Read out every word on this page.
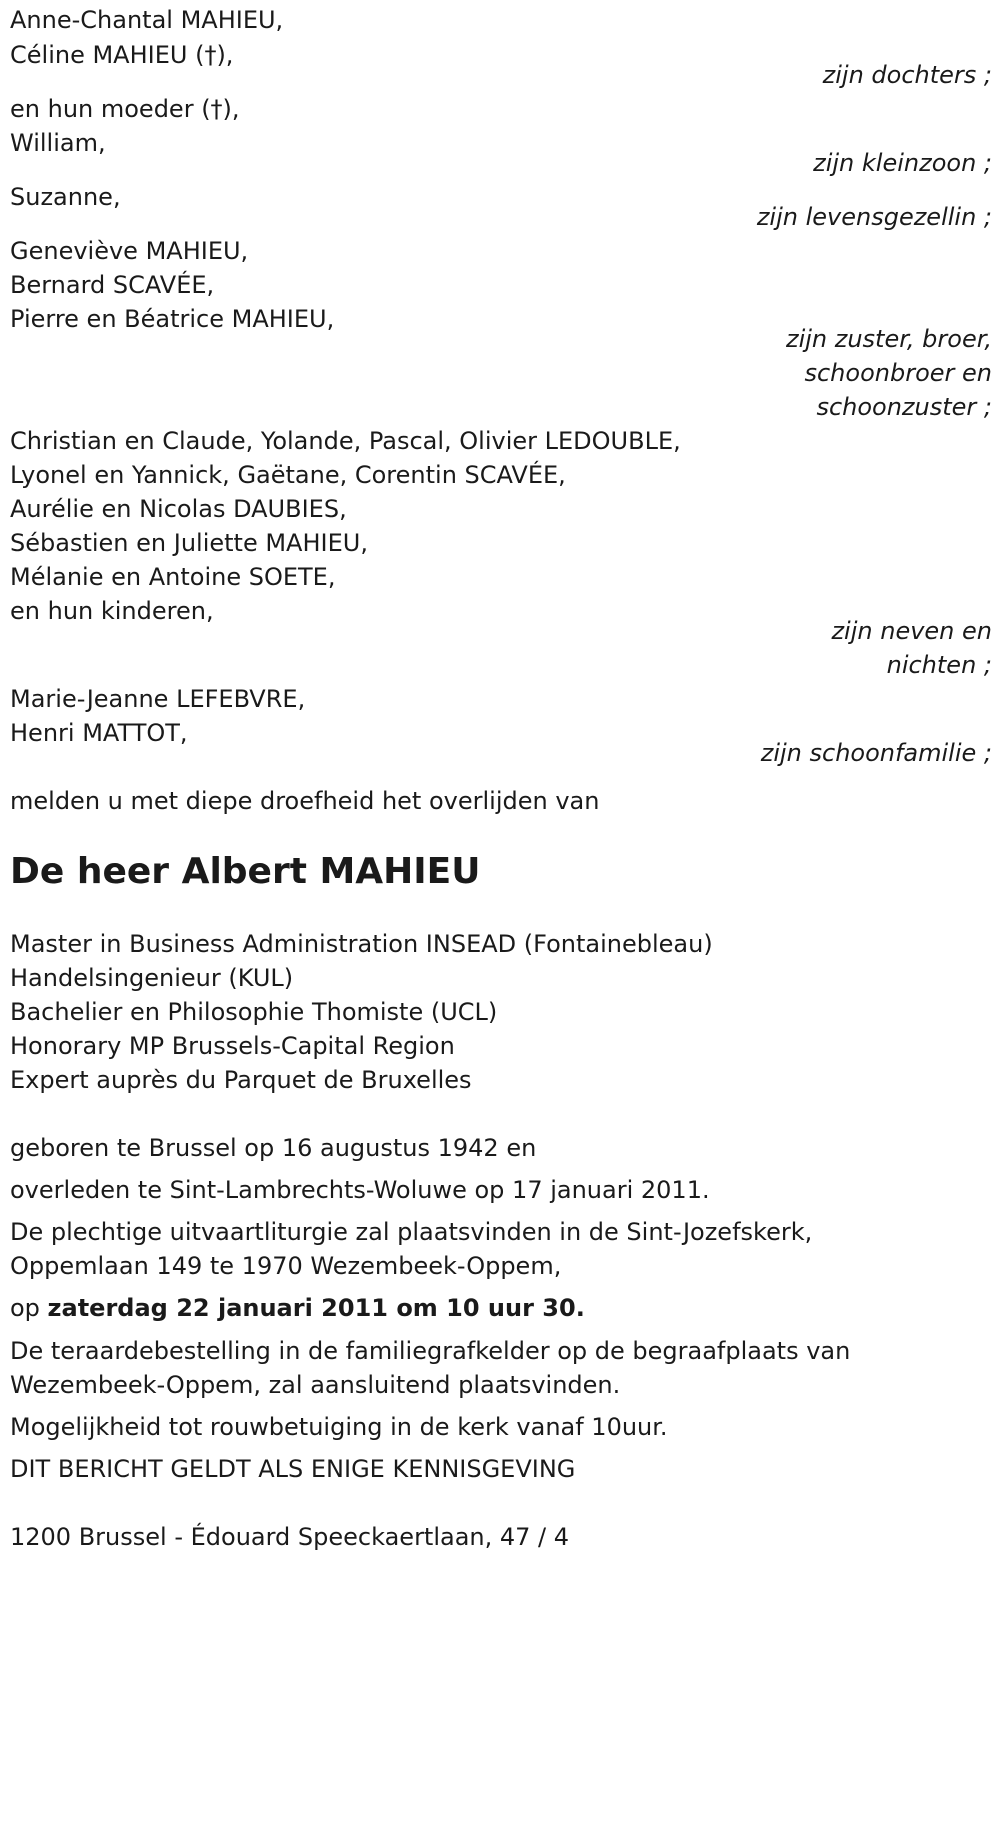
Anne-Chantal MAHIEU,
Céline MAHIEU (†),
zijn dochters ;
en hun moeder (†),
William,
zijn kleinzoon ;
Suzanne,
zijn levensgezellin ;
Geneviève MAHIEU,
Bernard SCAVÉE,
Pierre en Béatrice MAHIEU,
zijn zuster, broer,
schoonbroer en
schoonzuster ;
Christian en Claude, Yolande, Pascal, Olivier LEDOUBLE,
Lyonel en Yannick, Gaëtane, Corentin SCAVÉE,
Aurélie en Nicolas DAUBIES,
Sébastien en Juliette MAHIEU,
Mélanie en Antoine SOETE,
en hun kinderen,
zijn neven en
nichten ;
Marie-Jeanne LEFEBVRE,
Henri MATTOT,
zijn schoonfamilie ;
melden u met diepe droefheid het overlijden van
De heer Albert MAHIEU
Master in Business Administration INSEAD (Fontainebleau)
Handelsingenieur (KUL)
Bachelier en Philosophie Thomiste (UCL)
Honorary MP Brussels-Capital Region
Expert auprès du Parquet de Bruxelles
geboren te Brussel op 16 augustus 1942 en
overleden te Sint-Lambrechts-Woluwe op 17 januari 2011.
De plechtige uitvaartliturgie zal plaatsvinden in de Sint-Jozefskerk,
Oppemlaan 149 te 1970 Wezembeek-Oppem,
op zaterdag 22 januari 2011 om 10 uur 30.
De teraardebestelling in de familiegrafkelder op de begraafplaats van
Wezembeek-Oppem, zal aansluitend plaatsvinden.
Mogelijkheid tot rouwbetuiging in de kerk vanaf 10uur.
DIT BERICHT GELDT ALS ENIGE KENNISGEVING
1200 Brussel - Édouard Speeckaertlaan, 47 / 4
